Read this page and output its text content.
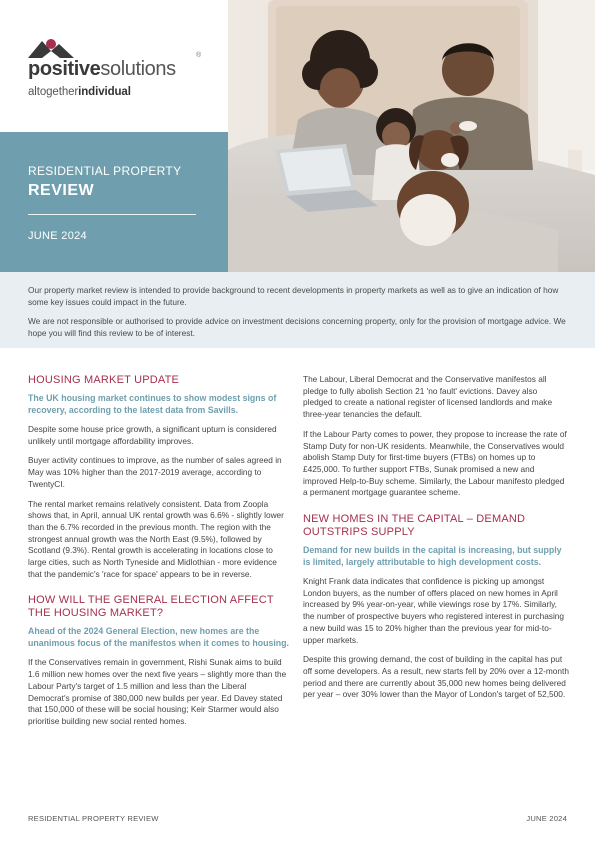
positivesolutions
®
altogetherindividual
RESIDENTIAL PROPERTY
REVIEW
JUNE 2024

Our property market review is intended to provide background to recent developments in property markets as well as to give an indication of how some key issues could impact in the future.

We are not responsible or authorised to provide advice on investment decisions concerning property, only for the provision of mortgage advice. We hope you will find this review to be of interest.

HOUSING MARKET UPDATE

The UK housing market continues to show modest signs of recovery, according to the latest data from Savills.

Despite some house price growth, a significant upturn is considered unlikely until mortgage affordability improves.

Buyer activity continues to improve, as the number of sales agreed in May was 10% higher than the 2017-2019 average, according to TwentyCI.

The rental market remains relatively consistent. Data from Zoopla shows that, in April, annual UK rental growth was 6.6% - slightly lower than the 6.7% recorded in the previous month. The region with the strongest annual growth was the North East (9.5%), followed by Scotland (9.3%). Rental growth is accelerating in locations close to large cities, such as North Tyneside and Midlothian - more evidence that the pandemic's 'race for space' appears to be in reverse.

HOW WILL THE GENERAL ELECTION AFFECT THE HOUSING MARKET?

Ahead of the 2024 General Election, new homes are the unanimous focus of the manifestos when it comes to housing.

If the Conservatives remain in government, Rishi Sunak aims to build 1.6 million new homes over the next five years – slightly more than the Labour Party's target of 1.5 million and less than the Liberal Democrat's promise of 380,000 new builds per year. Ed Davey stated that 150,000 of these will be social housing; Keir Starmer would also prioritise building new social rented homes.

The Labour, Liberal Democrat and the Conservative manifestos all pledge to fully abolish Section 21 'no fault' evictions. Davey also pledged to create a national register of licensed landlords and make three-year tenancies the default.

If the Labour Party comes to power, they propose to increase the rate of Stamp Duty for non-UK residents. Meanwhile, the Conservatives would abolish Stamp Duty for first-time buyers (FTBs) on homes up to £425,000. To further support FTBs, Sunak promised a new and improved Help-to-Buy scheme. Similarly, the Labour manifesto pledged a permanent mortgage guarantee scheme.

NEW HOMES IN THE CAPITAL – DEMAND OUTSTRIPS SUPPLY

Demand for new builds in the capital is increasing, but supply is limited, largely attributable to high development costs.

Knight Frank data indicates that confidence is picking up amongst London buyers, as the number of offers placed on new homes in April increased by 9% year-on-year, while viewings rose by 17%. Similarly, the number of prospective buyers who registered interest in purchasing a new build was 15 to 20% higher than the previous year for mid-to-upper markets.

Despite this growing demand, the cost of building in the capital has put off some developers. As a result, new starts fell by 20% over a 12-month period and there are currently about 35,000 new homes being delivered per year – over 30% lower than the Mayor of London's target of 52,500.

RESIDENTIAL PROPERTY REVIEW	JUNE 2024
